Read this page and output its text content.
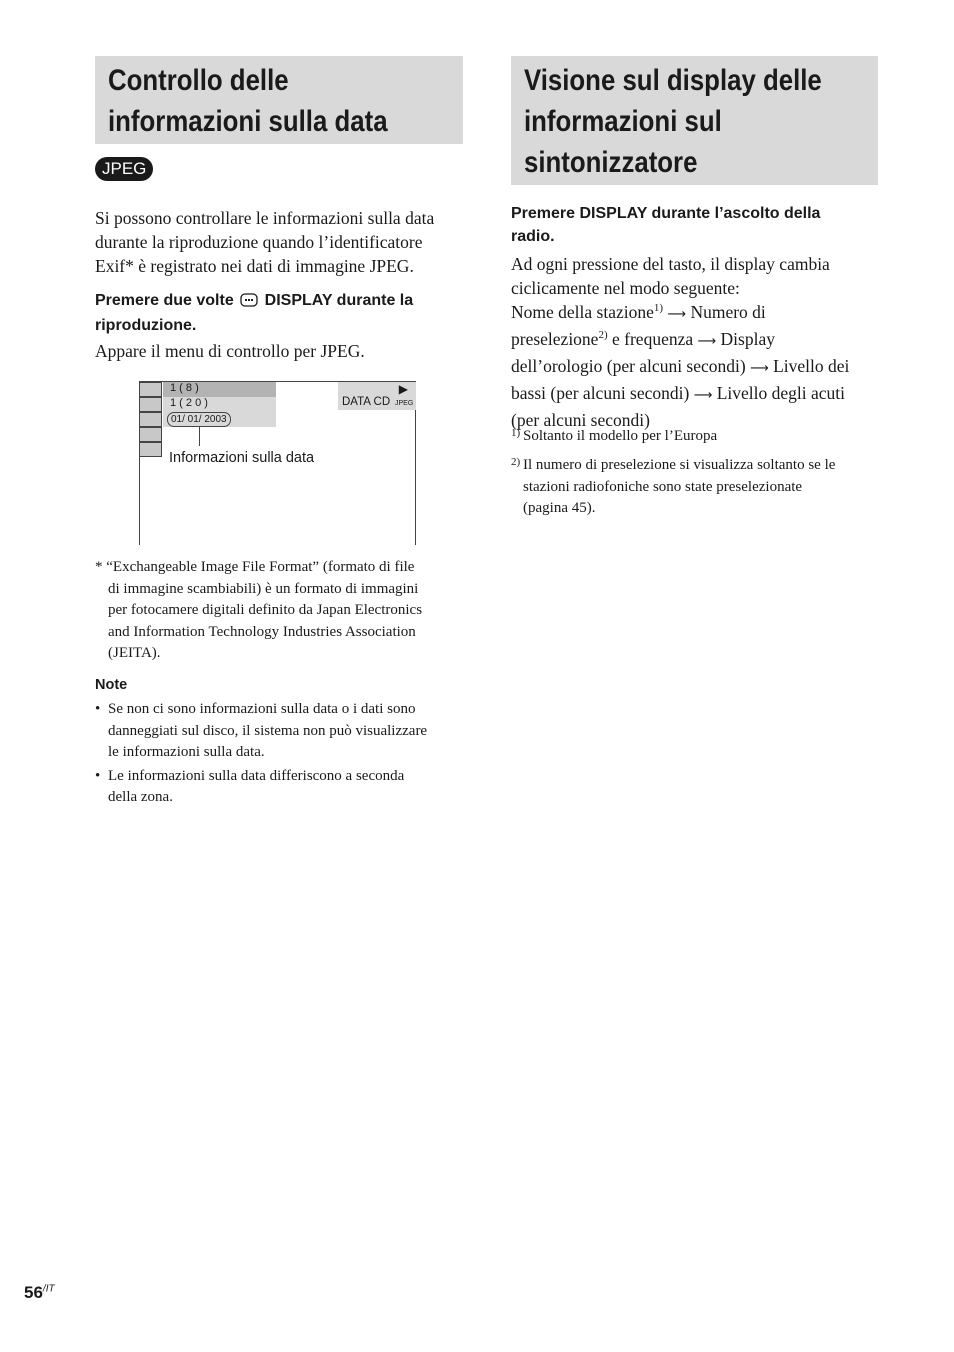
Controllo delle
informazioni sulla data
JPEG

Si possono controllare le informazioni sulla data
durante la riproduzione quando l’identificatore
Exif* è registrato nei dati di immagine JPEG.

Premere due volte DISPLAY durante la
riproduzione.

Appare il menu di controllo per JPEG.

1 ( 8 )
1 ( 2 0 )
01/ 01/ 2003
▶
DATA CD JPEG
Informazioni sulla data

* “Exchangeable Image File Format” (formato di file
di immagine scambiabili) è un formato di immagini
per fotocamere digitali definito da Japan Electronics
and Information Technology Industries Association
(JEITA).

Note
• Se non ci sono informazioni sulla data o i dati sono
danneggiati sul disco, il sistema non può visualizzare
le informazioni sulla data.
• Le informazioni sulla data differiscono a seconda
della zona.
Visione sul display delle
informazioni sul
sintonizzatore

Premere DISPLAY durante l’ascolto della
radio.

Ad ogni pressione del tasto, il display cambia
ciclicamente nel modo seguente:
Nome della stazione$^{1)}$ ⟶ Numero di
preselezione$^{2)}$ e frequenza ⟶ Display
dell’orologio (per alcuni secondi) ⟶ Livello dei
bassi (per alcuni secondi) ⟶ Livello degli acuti
(per alcuni secondi)

1) Soltanto il modello per l’Europa
2) Il numero di preselezione si visualizza soltanto se le
stazioni radiofoniche sono state preselezionate
(pagina 45).
$56^{/IT}$
